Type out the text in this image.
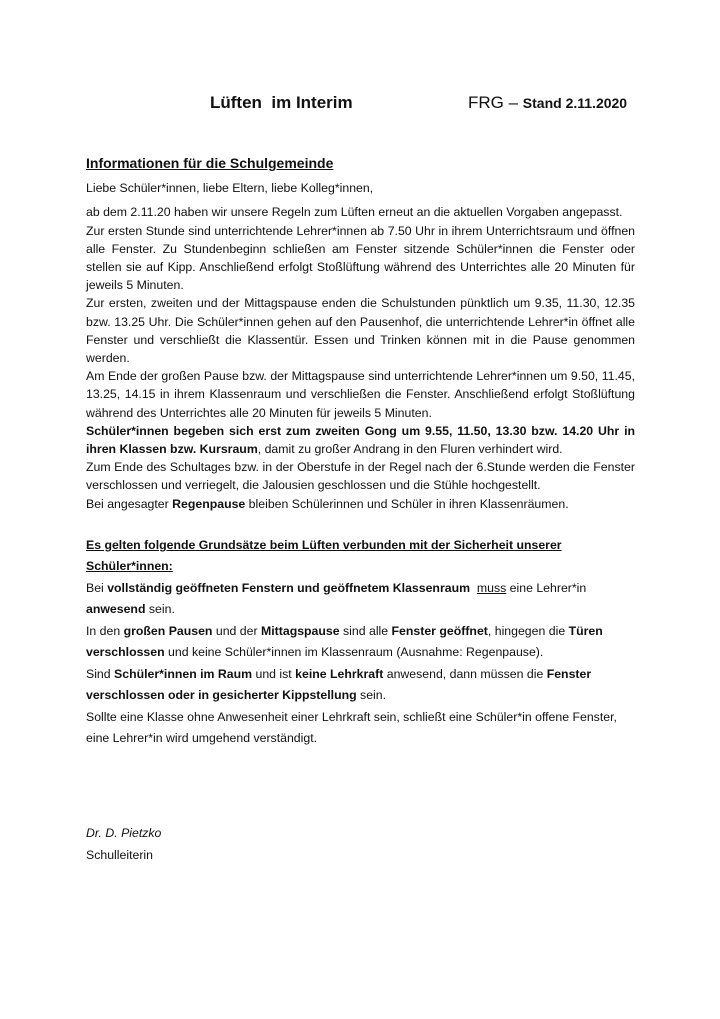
Lüften  im Interim	FRG – Stand 2.11.2020
Informationen für die Schulgemeinde

Liebe Schüler*innen, liebe Eltern, liebe Kolleg*innen,

ab dem 2.11.20 haben wir unsere Regeln zum Lüften erneut an die aktuellen Vorgaben angepasst.

Zur ersten Stunde sind unterrichtende Lehrer*innen ab 7.50 Uhr in ihrem Unterrichtsraum und öffnen alle Fenster. Zu Stundenbeginn schließen am Fenster sitzende Schüler*innen die Fenster oder stellen sie auf Kipp. Anschließend erfolgt Stoßlüftung während des Unterrichtes alle 20 Minuten für jeweils 5 Minuten.

Zur ersten, zweiten und der Mittagspause enden die Schulstunden pünktlich um 9.35, 11.30, 12.35 bzw. 13.25 Uhr. Die Schüler*innen gehen auf den Pausenhof, die unterrichtende Lehrer*in öffnet alle Fenster und verschließt die Klassentür. Essen und Trinken können mit in die Pause genommen werden.

Am Ende der großen Pause bzw. der Mittagspause sind unterrichtende Lehrer*innen um 9.50, 11.45, 13.25, 14.15 in ihrem Klassenraum und verschließen die Fenster. Anschließend erfolgt Stoßlüftung während des Unterrichtes alle 20 Minuten für jeweils 5 Minuten.

Schüler*innen begeben sich erst zum zweiten Gong um 9.55, 11.50, 13.30 bzw. 14.20 Uhr in ihren Klassen bzw. Kursraum, damit zu großer Andrang in den Fluren verhindert wird.

Zum Ende des Schultages bzw. in der Oberstufe in der Regel nach der 6.Stunde werden die Fenster verschlossen und verriegelt, die Jalousien geschlossen und die Stühle hochgestellt.

Bei angesagter Regenpause bleiben Schülerinnen und Schüler in ihren Klassenräumen.

Es gelten folgende Grundsätze beim Lüften verbunden mit der Sicherheit unserer Schüler*innen:

Bei vollständig geöffneten Fenstern und geöffnetem Klassenraum muss eine Lehrer*in anwesend sein.

In den großen Pausen und der Mittagspause sind alle Fenster geöffnet, hingegen die Türen verschlossen und keine Schüler*innen im Klassenraum (Ausnahme: Regenpause).

Sind Schüler*innen im Raum und ist keine Lehrkraft anwesend, dann müssen die Fenster verschlossen oder in gesicherter Kippstellung sein.

Sollte eine Klasse ohne Anwesenheit einer Lehrkraft sein, schließt eine Schüler*in offene Fenster, eine Lehrer*in wird umgehend verständigt.

Dr. D. Pietzko
Schulleiterin
